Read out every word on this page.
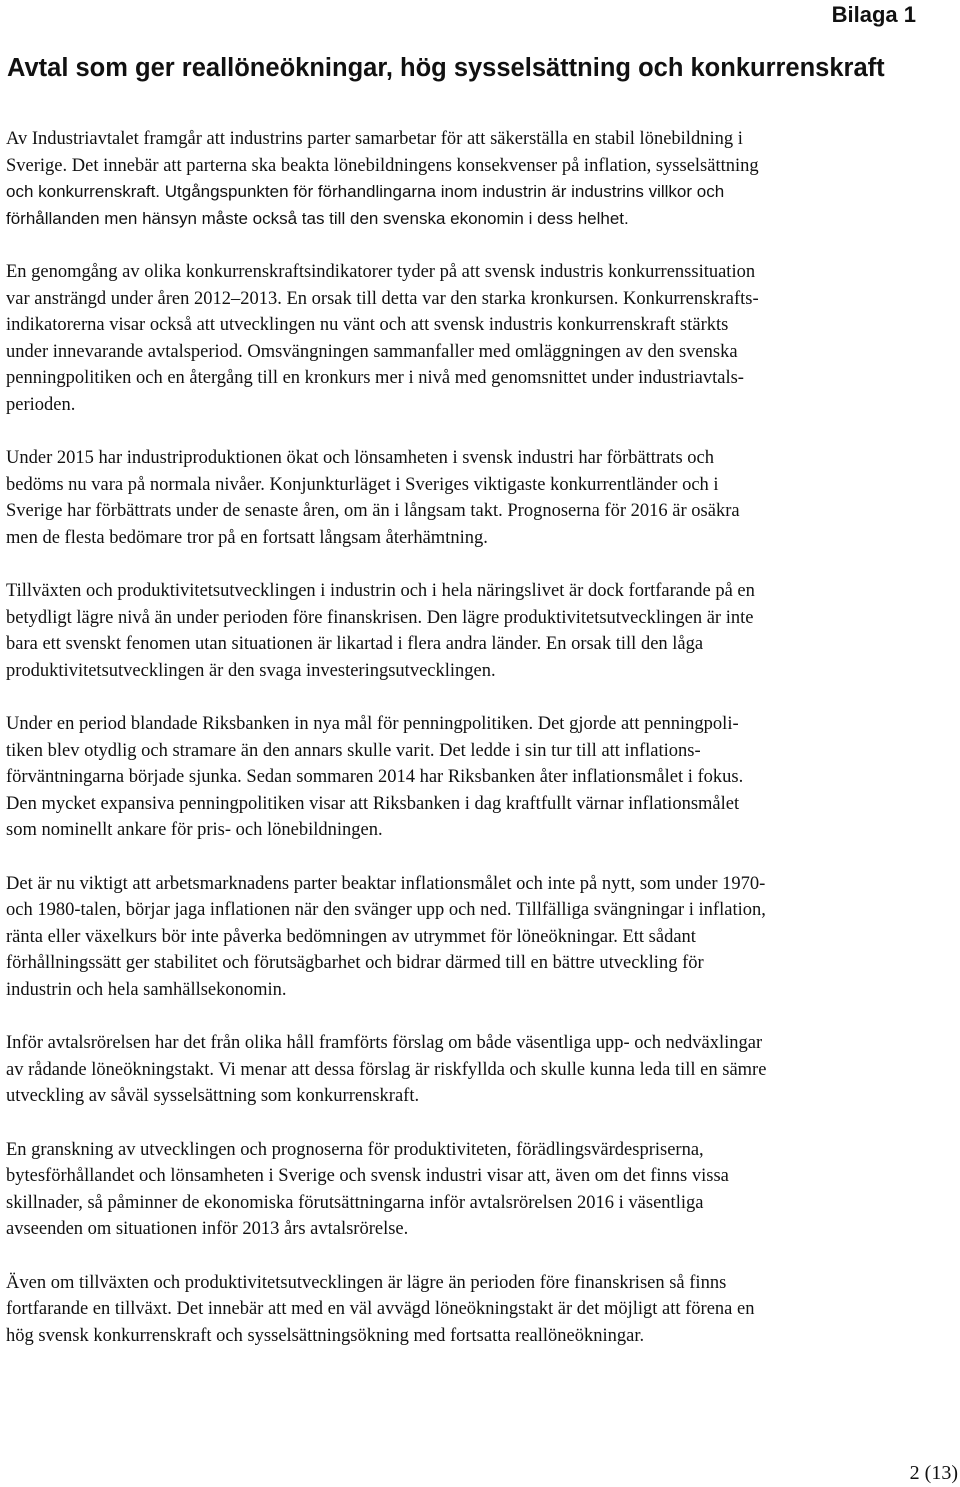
Bilaga 1

Avtal som ger reallöneökningar, hög sysselsättning och konkurrenskraft

Av Industriavtalet framgår att industrins parter samarbetar för att säkerställa en stabil lönebildning i
Sverige. Det innebär att parterna ska beakta lönebildningens konsekvenser på inflation, sysselsättning
och konkurrenskraft. Utgångspunkten för förhandlingarna inom industrin är industrins villkor och
förhållanden men hänsyn måste också tas till den svenska ekonomin i dess helhet.

En genomgång av olika konkurrenskraftsindikatorer tyder på att svensk industris konkurrenssituation
var ansträngd under åren 2012–2013. En orsak till detta var den starka kronkursen. Konkurrenskrafts-
indikatorerna visar också att utvecklingen nu vänt och att svensk industris konkurrenskraft stärkts
under innevarande avtalsperiod. Omsvängningen sammanfaller med omläggningen av den svenska
penningpolitiken och en återgång till en kronkurs mer i nivå med genomsnittet under industriavtals-
perioden.

Under 2015 har industriproduktionen ökat och lönsamheten i svensk industri har förbättrats och
bedöms nu vara på normala nivåer. Konjunkturläget i Sveriges viktigaste konkurrentländer och i
Sverige har förbättrats under de senaste åren, om än i långsam takt. Prognoserna för 2016 är osäkra
men de flesta bedömare tror på en fortsatt långsam återhämtning.

Tillväxten och produktivitetsutvecklingen i industrin och i hela näringslivet är dock fortfarande på en
betydligt lägre nivå än under perioden före finanskrisen. Den lägre produktivitetsutvecklingen är inte
bara ett svenskt fenomen utan situationen är likartad i flera andra länder. En orsak till den låga
produktivitetsutvecklingen är den svaga investeringsutvecklingen.

Under en period blandade Riksbanken in nya mål för penningpolitiken. Det gjorde att penningpoli-
tiken blev otydlig och stramare än den annars skulle varit. Det ledde i sin tur till att inflations-
förväntningarna började sjunka. Sedan sommaren 2014 har Riksbanken åter inflationsmålet i fokus.
Den mycket expansiva penningpolitiken visar att Riksbanken i dag kraftfullt värnar inflationsmålet
som nominellt ankare för pris- och lönebildningen.

Det är nu viktigt att arbetsmarknadens parter beaktar inflationsmålet och inte på nytt, som under 1970-
och 1980-talen, börjar jaga inflationen när den svänger upp och ned. Tillfälliga svängningar i inflation,
ränta eller växelkurs bör inte påverka bedömningen av utrymmet för löneökningar. Ett sådant
förhållningssätt ger stabilitet och förutsägbarhet och bidrar därmed till en bättre utveckling för
industrin och hela samhällsekonomin.

Inför avtalsrörelsen har det från olika håll framförts förslag om både väsentliga upp- och nedväxlingar
av rådande löneökningstakt. Vi menar att dessa förslag är riskfyllda och skulle kunna leda till en sämre
utveckling av såväl sysselsättning som konkurrenskraft.

En granskning av utvecklingen och prognoserna för produktiviteten, förädlingsvärdespriserna,
bytesförhållandet och lönsamheten i Sverige och svensk industri visar att, även om det finns vissa
skillnader, så påminner de ekonomiska förutsättningarna inför avtalsrörelsen 2016 i väsentliga
avseenden om situationen inför 2013 års avtalsrörelse.

Även om tillväxten och produktivitetsutvecklingen är lägre än perioden före finanskrisen så finns
fortfarande en tillväxt. Det innebär att med en väl avvägd löneökningstakt är det möjligt att förena en
hög svensk konkurrenskraft och sysselsättningsökning med fortsatta reallöneökningar.

2 (13)
